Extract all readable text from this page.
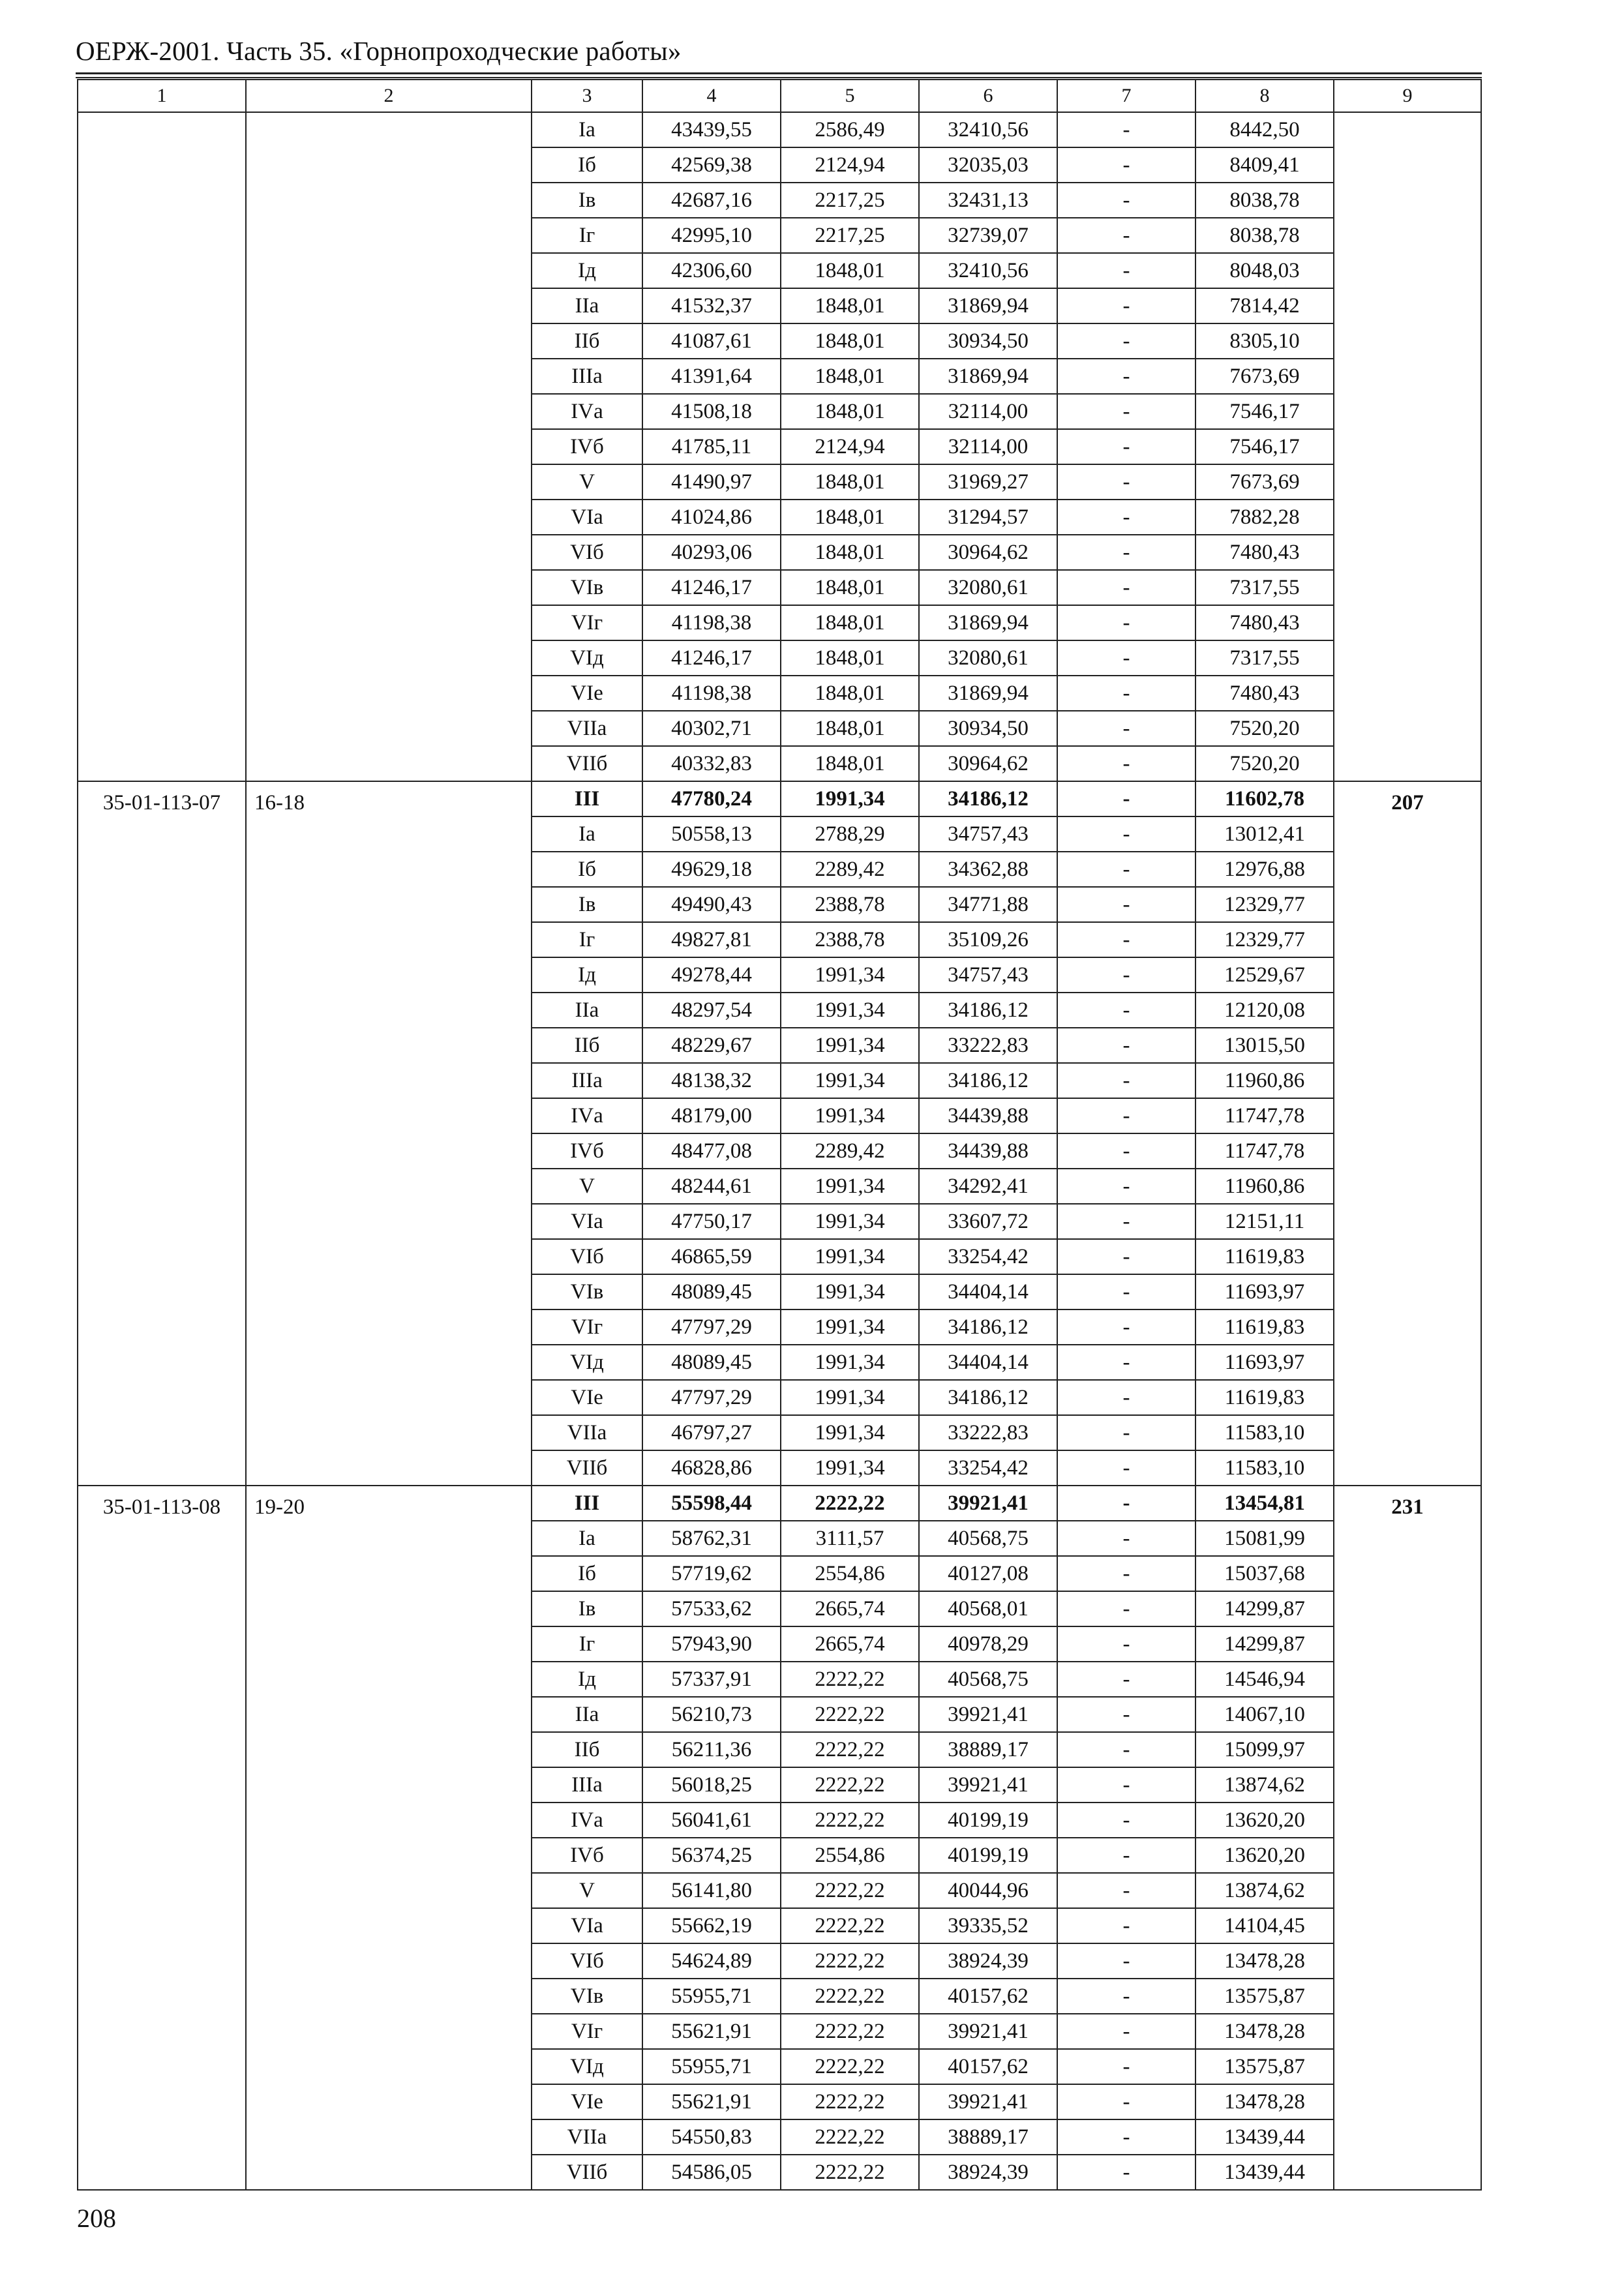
ОЕРЖ-2001. Часть 35. «Горнопроходческие работы»
1	2	3	4	5	6	7	8	9
		Iа	43439,55	2586,49	32410,56	-	8442,50	
		Iб	42569,38	2124,94	32035,03	-	8409,41	
		Iв	42687,16	2217,25	32431,13	-	8038,78	
		Iг	42995,10	2217,25	32739,07	-	8038,78	
		Iд	42306,60	1848,01	32410,56	-	8048,03	
		IIа	41532,37	1848,01	31869,94	-	7814,42	
		IIб	41087,61	1848,01	30934,50	-	8305,10	
		IIIа	41391,64	1848,01	31869,94	-	7673,69	
		IVа	41508,18	1848,01	32114,00	-	7546,17	
		IVб	41785,11	2124,94	32114,00	-	7546,17	
		V	41490,97	1848,01	31969,27	-	7673,69	
		VIа	41024,86	1848,01	31294,57	-	7882,28	
		VIб	40293,06	1848,01	30964,62	-	7480,43	
		VIв	41246,17	1848,01	32080,61	-	7317,55	
		VIг	41198,38	1848,01	31869,94	-	7480,43	
		VIд	41246,17	1848,01	32080,61	-	7317,55	
		VIе	41198,38	1848,01	31869,94	-	7480,43	
		VIIа	40302,71	1848,01	30934,50	-	7520,20	
		VIIб	40332,83	1848,01	30964,62	-	7520,20	
35-01-113-07	16-18	III	47780,24	1991,34	34186,12	-	11602,78	207
		Iа	50558,13	2788,29	34757,43	-	13012,41	
		Iб	49629,18	2289,42	34362,88	-	12976,88	
		Iв	49490,43	2388,78	34771,88	-	12329,77	
		Iг	49827,81	2388,78	35109,26	-	12329,77	
		Iд	49278,44	1991,34	34757,43	-	12529,67	
		IIа	48297,54	1991,34	34186,12	-	12120,08	
		IIб	48229,67	1991,34	33222,83	-	13015,50	
		IIIа	48138,32	1991,34	34186,12	-	11960,86	
		IVа	48179,00	1991,34	34439,88	-	11747,78	
		IVб	48477,08	2289,42	34439,88	-	11747,78	
		V	48244,61	1991,34	34292,41	-	11960,86	
		VIа	47750,17	1991,34	33607,72	-	12151,11	
		VIб	46865,59	1991,34	33254,42	-	11619,83	
		VIв	48089,45	1991,34	34404,14	-	11693,97	
		VIг	47797,29	1991,34	34186,12	-	11619,83	
		VIд	48089,45	1991,34	34404,14	-	11693,97	
		VIе	47797,29	1991,34	34186,12	-	11619,83	
		VIIа	46797,27	1991,34	33222,83	-	11583,10	
		VIIб	46828,86	1991,34	33254,42	-	11583,10	
35-01-113-08	19-20	III	55598,44	2222,22	39921,41	-	13454,81	231
		Iа	58762,31	3111,57	40568,75	-	15081,99	
		Iб	57719,62	2554,86	40127,08	-	15037,68	
		Iв	57533,62	2665,74	40568,01	-	14299,87	
		Iг	57943,90	2665,74	40978,29	-	14299,87	
		Iд	57337,91	2222,22	40568,75	-	14546,94	
		IIа	56210,73	2222,22	39921,41	-	14067,10	
		IIб	56211,36	2222,22	38889,17	-	15099,97	
		IIIа	56018,25	2222,22	39921,41	-	13874,62	
		IVа	56041,61	2222,22	40199,19	-	13620,20	
		IVб	56374,25	2554,86	40199,19	-	13620,20	
		V	56141,80	2222,22	40044,96	-	13874,62	
		VIа	55662,19	2222,22	39335,52	-	14104,45	
		VIб	54624,89	2222,22	38924,39	-	13478,28	
		VIв	55955,71	2222,22	40157,62	-	13575,87	
		VIг	55621,91	2222,22	39921,41	-	13478,28	
		VIд	55955,71	2222,22	40157,62	-	13575,87	
		VIе	55621,91	2222,22	39921,41	-	13478,28	
		VIIа	54550,83	2222,22	38889,17	-	13439,44	
		VIIб	54586,05	2222,22	38924,39	-	13439,44	
208
